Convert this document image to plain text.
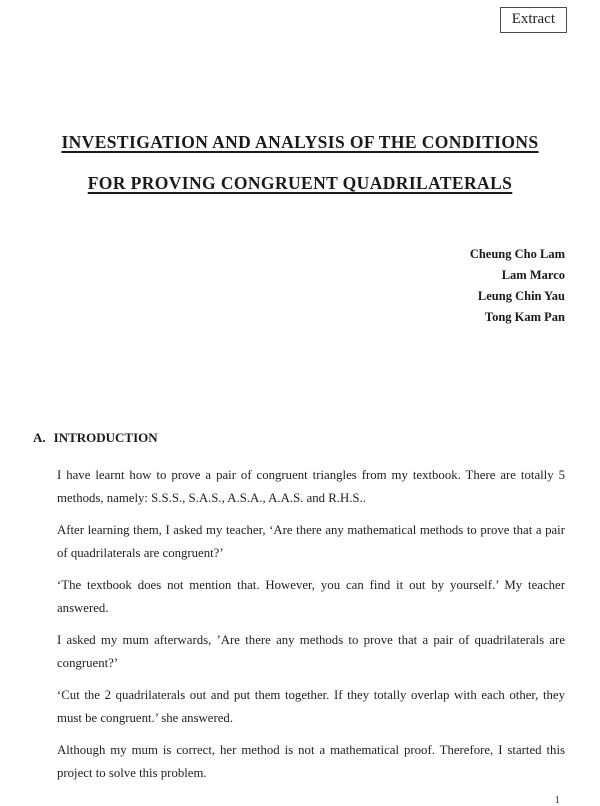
Extract
INVESTIGATION AND ANALYSIS OF THE CONDITIONS
FOR PROVING CONGRUENT QUADRILATERALS
Cheung Cho Lam
Lam Marco
Leung Chin Yau
Tong Kam Pan
A. INTRODUCTION

I have learnt how to prove a pair of congruent triangles from my textbook. There are totally 5 methods, namely: S.S.S., S.A.S., A.S.A., A.A.S. and R.H.S..

After learning them, I asked my teacher, ‘Are there any mathematical methods to prove that a pair of quadrilaterals are congruent?’

‘The textbook does not mention that. However, you can find it out by yourself.’ My teacher answered.

I asked my mum afterwards, ’Are there any methods to prove that a pair of quadrilaterals are congruent?’

‘Cut the 2 quadrilaterals out and put them together. If they totally overlap with each other, they must be congruent.’ she answered.

Although my mum is correct, her method is not a mathematical proof. Therefore, I started this project to solve this problem.

1
